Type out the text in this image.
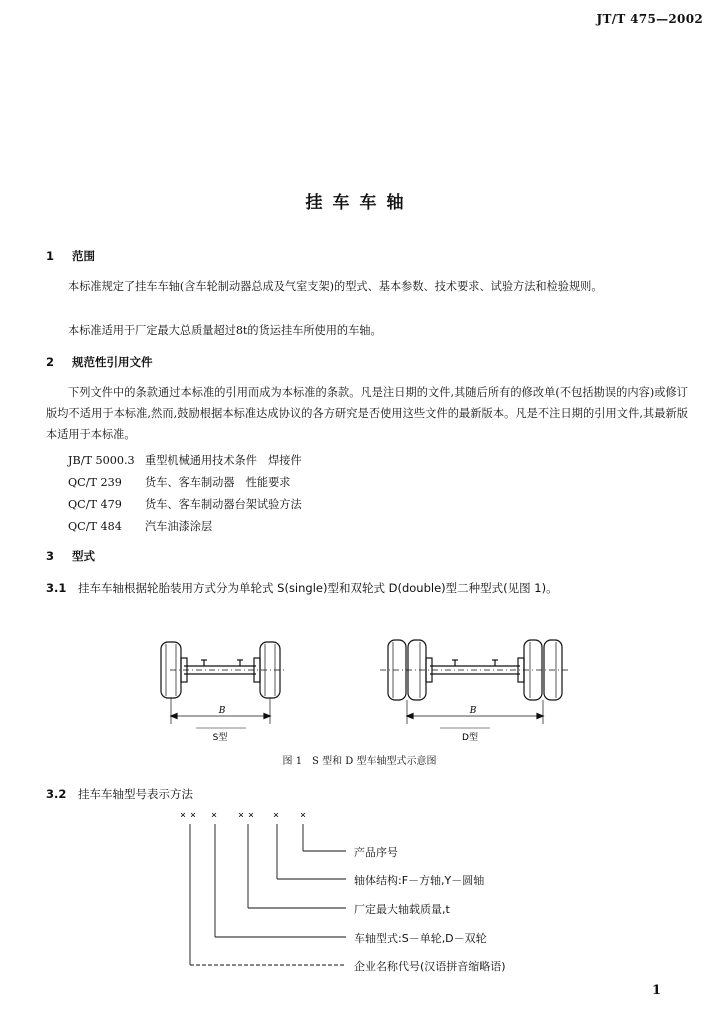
JT/T 475—2002
挂车车轴
1 范围
本标准规定了挂车车轴(含车轮制动器总成及气室支架)的型式、基本参数、技术要求、试验方法和检验规则。
本标准适用于厂定最大总质量超过8t的货运挂车所使用的车轴。
2 规范性引用文件
下列文件中的条款通过本标准的引用而成为本标准的条款。凡是注日期的文件,其随后所有的修改单(不包括勘误的内容)或修订版均不适用于本标准,然而,鼓励根据本标准达成协议的各方研究是否使用这些文件的最新版本。凡是不注日期的引用文件,其最新版本适用于本标准。
JB/T 5000.3 重型机械通用技术条件　焊接件
QC/T 239 货车、客车制动器　性能要求
QC/T 479 货车、客车制动器台架试验方法
QC/T 484 汽车油漆涂层
3 型式
3.1 挂车车轴根据轮胎装用方式分为单轮式 S(single)型和双轮式 D(double)型二种型式(见图 1)。
B
S型
B
D型
图 1　S 型和 D 型车轴型式示意图
3.2 挂车车轴型号表示方法
× × × × × × ×
产品序号
轴体结构:F－方轴,Y－圆轴
厂定最大轴载质量,t
车轴型式:S－单轮,D－双轮
企业名称代号(汉语拼音缩略语)
1
